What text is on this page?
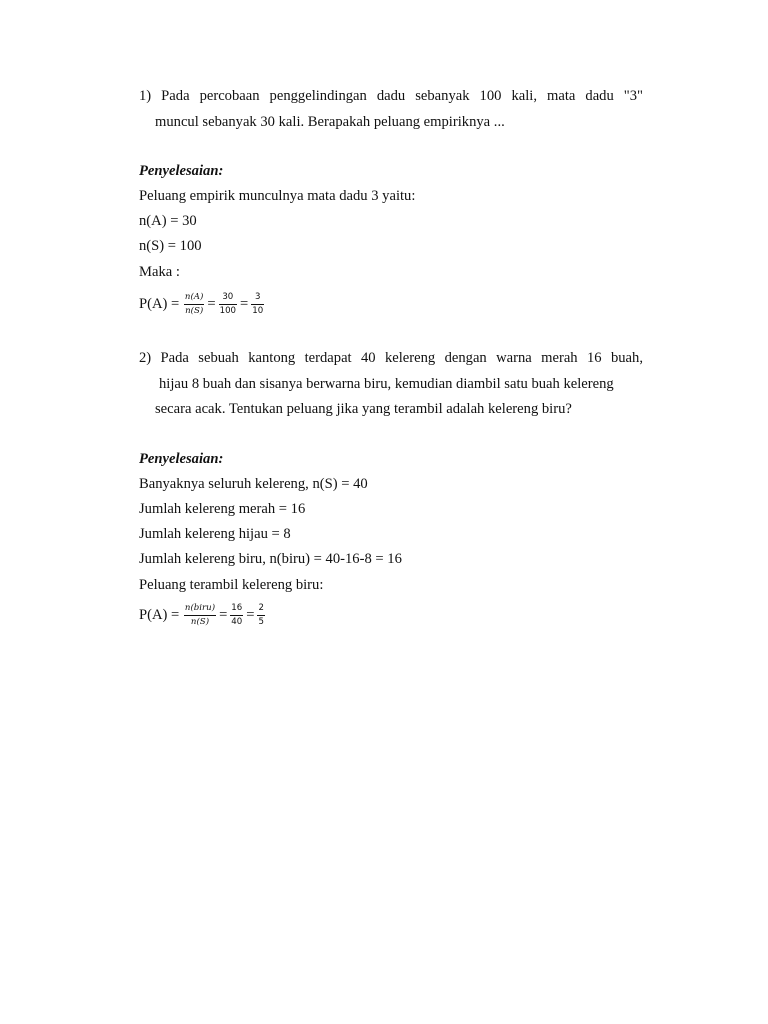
1) Pada percobaan penggelindingan dadu sebanyak 100 kali, mata dadu "3"
muncul sebanyak 30 kali. Berapakah peluang empiriknya ...
Penyelesaian:
Peluang empirik munculnya mata dadu 3 yaitu:
n(A) = 30
n(S) = 100
Maka :
$P(A) = \frac{n(A)}{n(S)} = \frac{30}{100} = \frac{3}{10}$
2) Pada sebuah kantong terdapat 40 kelereng dengan warna merah 16 buah,
hijau 8 buah dan sisanya berwarna biru, kemudian diambil satu buah kelereng
secara acak. Tentukan peluang jika yang terambil adalah kelereng biru?
Penyelesaian:
Banyaknya seluruh kelereng, n(S) = 40
Jumlah kelereng merah = 16
Jumlah kelereng hijau = 8
Jumlah kelereng biru, n(biru) = 40-16-8 = 16
Peluang terambil kelereng biru:
$P(A) = \frac{\text{n(biru)}}{n(S)} = \frac{16}{40} = \frac{2}{5}$
